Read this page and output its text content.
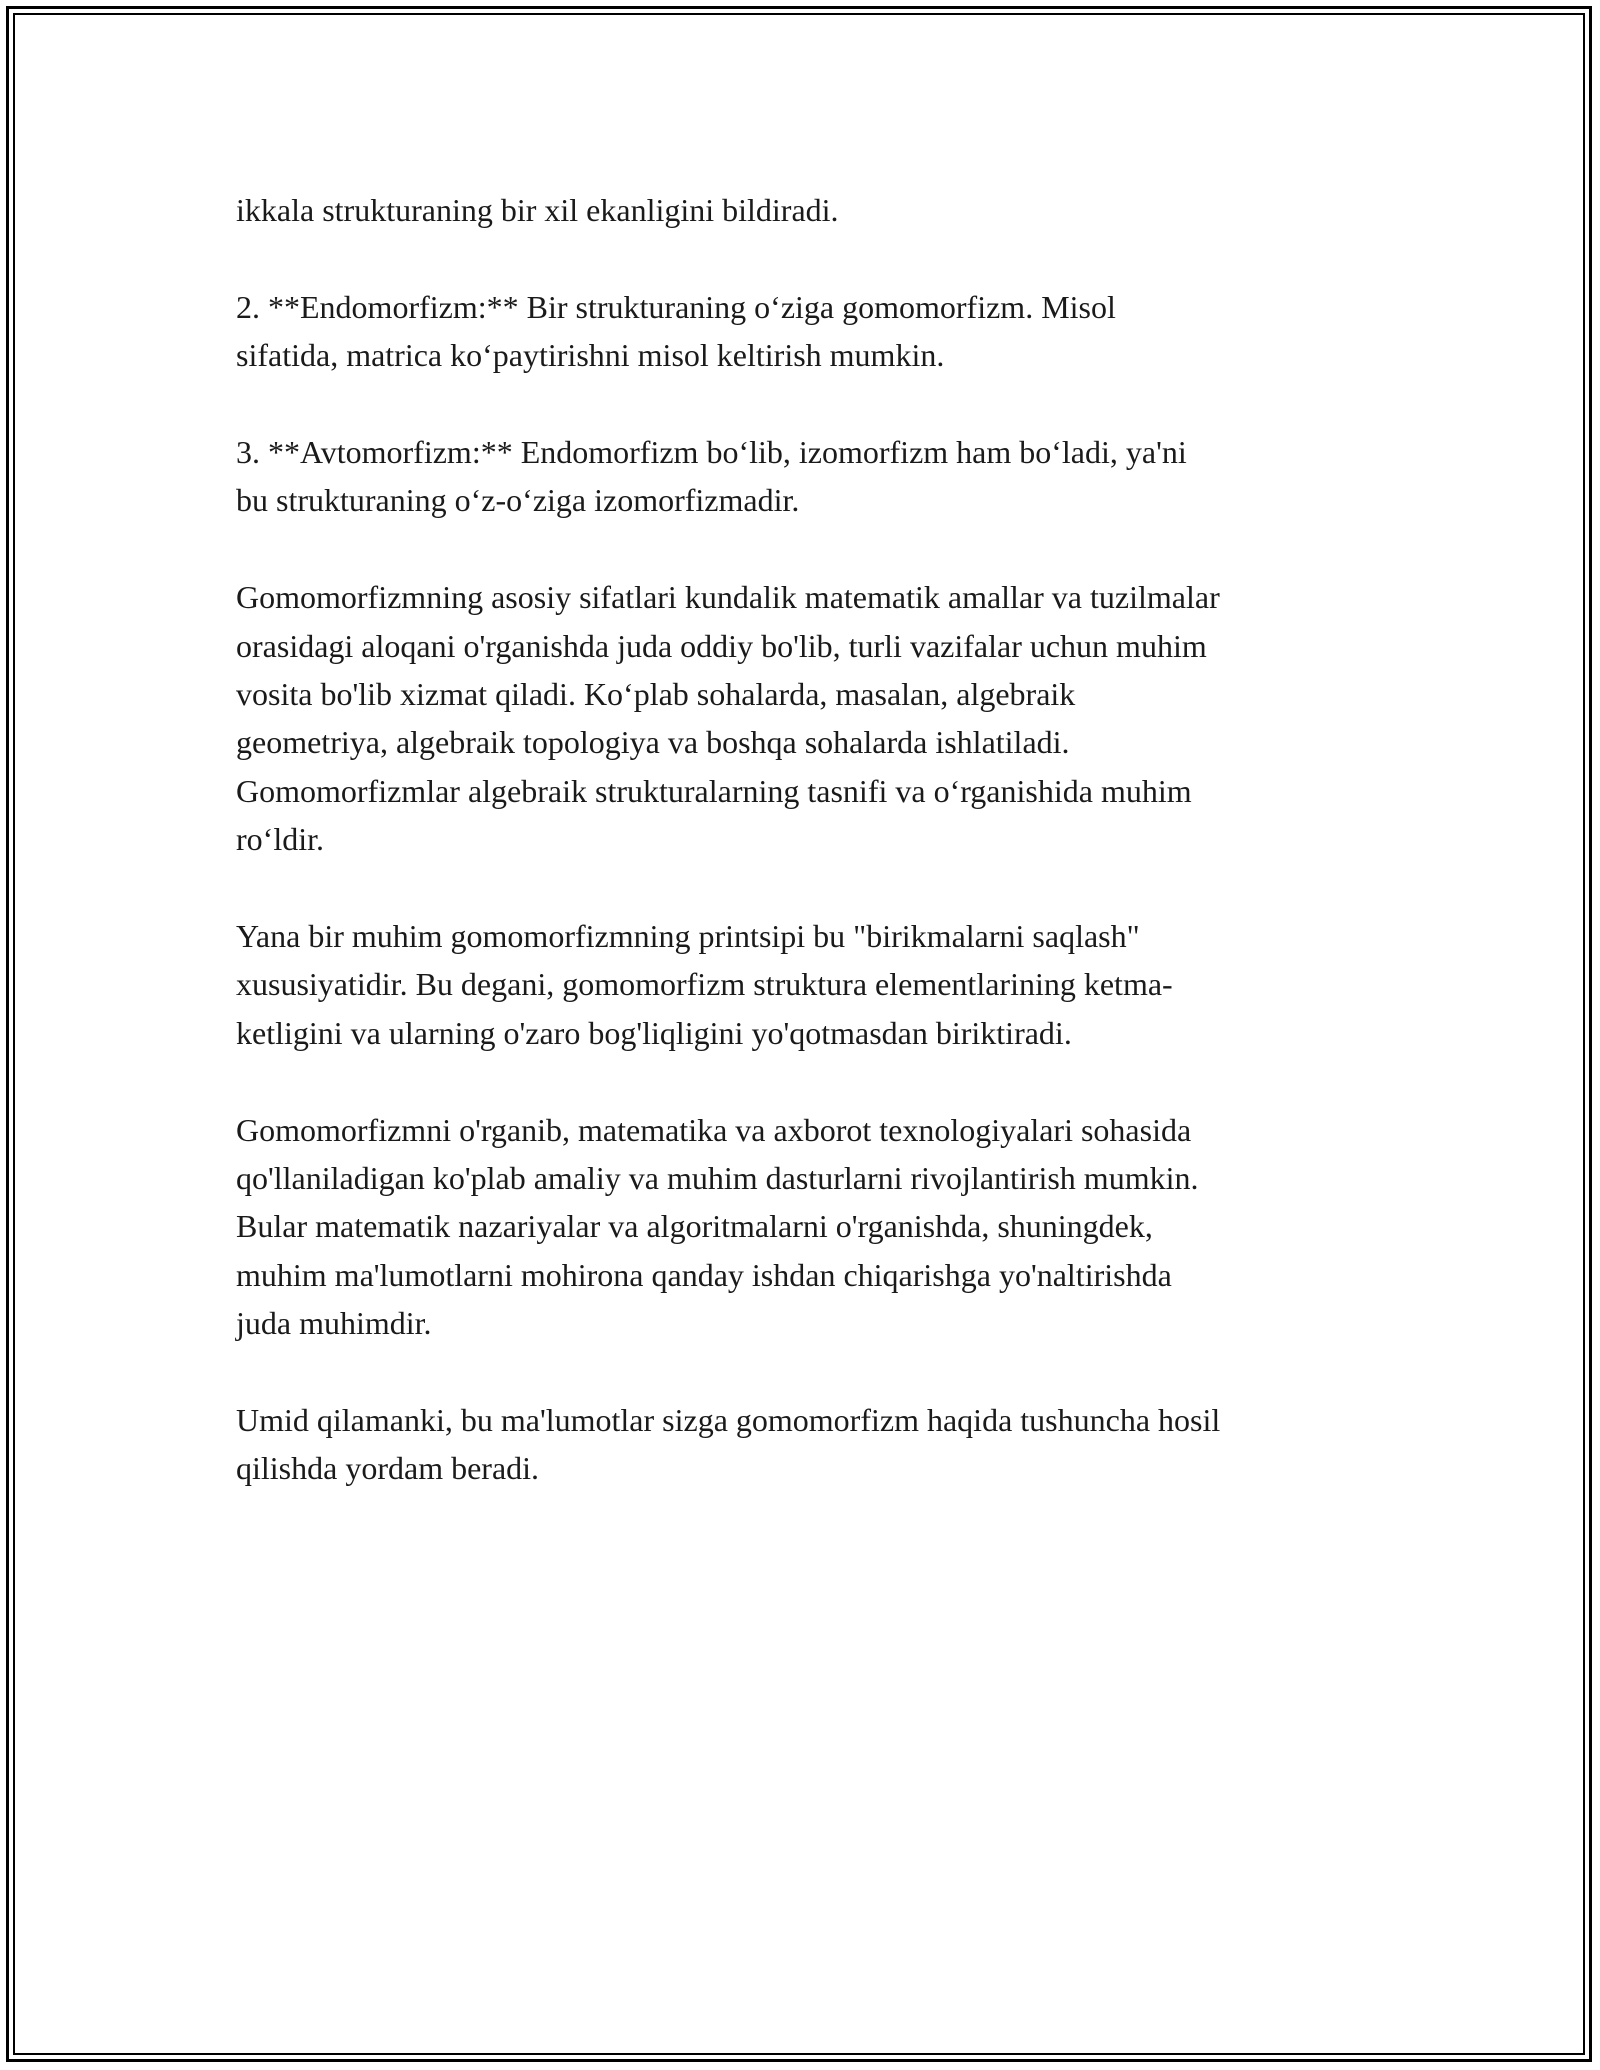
ikkala strukturaning bir xil ekanligini bildiradi.

2. **Endomorfizm:** Bir strukturaning o‘ziga gomomorfizm. Misol
sifatida, matrica ko‘paytirishni misol keltirish mumkin.

3. **Avtomorfizm:** Endomorfizm bo‘lib, izomorfizm ham bo‘ladi, ya'ni
bu strukturaning o‘z-o‘ziga izomorfizmadir.

Gomomorfizmning asosiy sifatlari kundalik matematik amallar va tuzilmalar
orasidagi aloqani o'rganishda juda oddiy bo'lib, turli vazifalar uchun muhim
vosita bo'lib xizmat qiladi. Ko‘plab sohalarda, masalan, algebraik
geometriya, algebraik topologiya va boshqa sohalarda ishlatiladi.
Gomomorfizmlar algebraik strukturalarning tasnifi va o‘rganishida muhim
ro‘ldir.

Yana bir muhim gomomorfizmning printsipi bu "birikmalarni saqlash"
xususiyatidir. Bu degani, gomomorfizm struktura elementlarining ketma-
ketligini va ularning o'zaro bog'liqligini yo'qotmasdan biriktiradi.

Gomomorfizmni o'rganib, matematika va axborot texnologiyalari sohasida
qo'llaniladigan ko'plab amaliy va muhim dasturlarni rivojlantirish mumkin.
Bular matematik nazariyalar va algoritmalarni o'rganishda, shuningdek,
muhim ma'lumotlarni mohirona qanday ishdan chiqarishga yo'naltirishda
juda muhimdir.

Umid qilamanki, bu ma'lumotlar sizga gomomorfizm haqida tushuncha hosil
qilishda yordam beradi.
